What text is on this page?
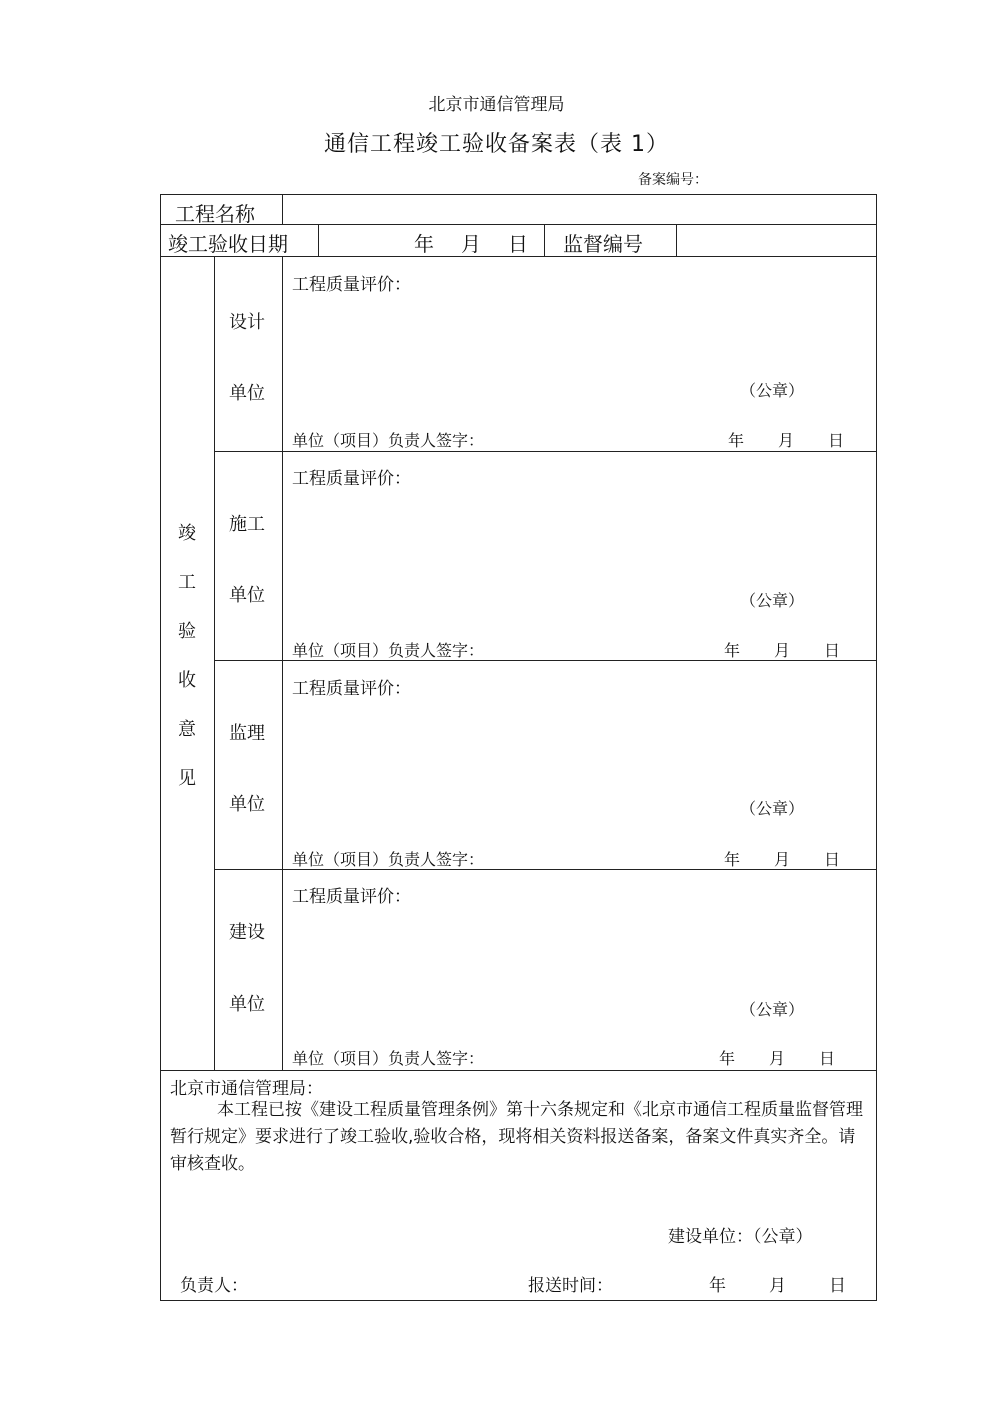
北京市通信管理局
通信工程竣工验收备案表（表 1）
备案编号：
工程名称
竣工验收日期	年 月 日 监督编号
竣
工
验
收
意
见
设计
单位
工程质量评价：
（公章）
单位（项目）负责人签字：	年 月 日
施工
单位
工程质量评价：
（公章）
单位（项目）负责人签字：	年 月 日
监理
单位
工程质量评价：
（公章）
单位（项目）负责人签字：	年 月 日
建设
单位
工程质量评价：
（公章）
单位（项目）负责人签字：	年 月 日
北京市通信管理局：
本工程已按《建设工程质量管理条例》第十六条规定和《北京市通信工程质量监督管理暂行规定》要求进行了竣工验收,验收合格，现将相关资料报送备案，备案文件真实齐全。请审核查收。
建设单位：（公章）
负责人：	报送时间：	年	月	日
